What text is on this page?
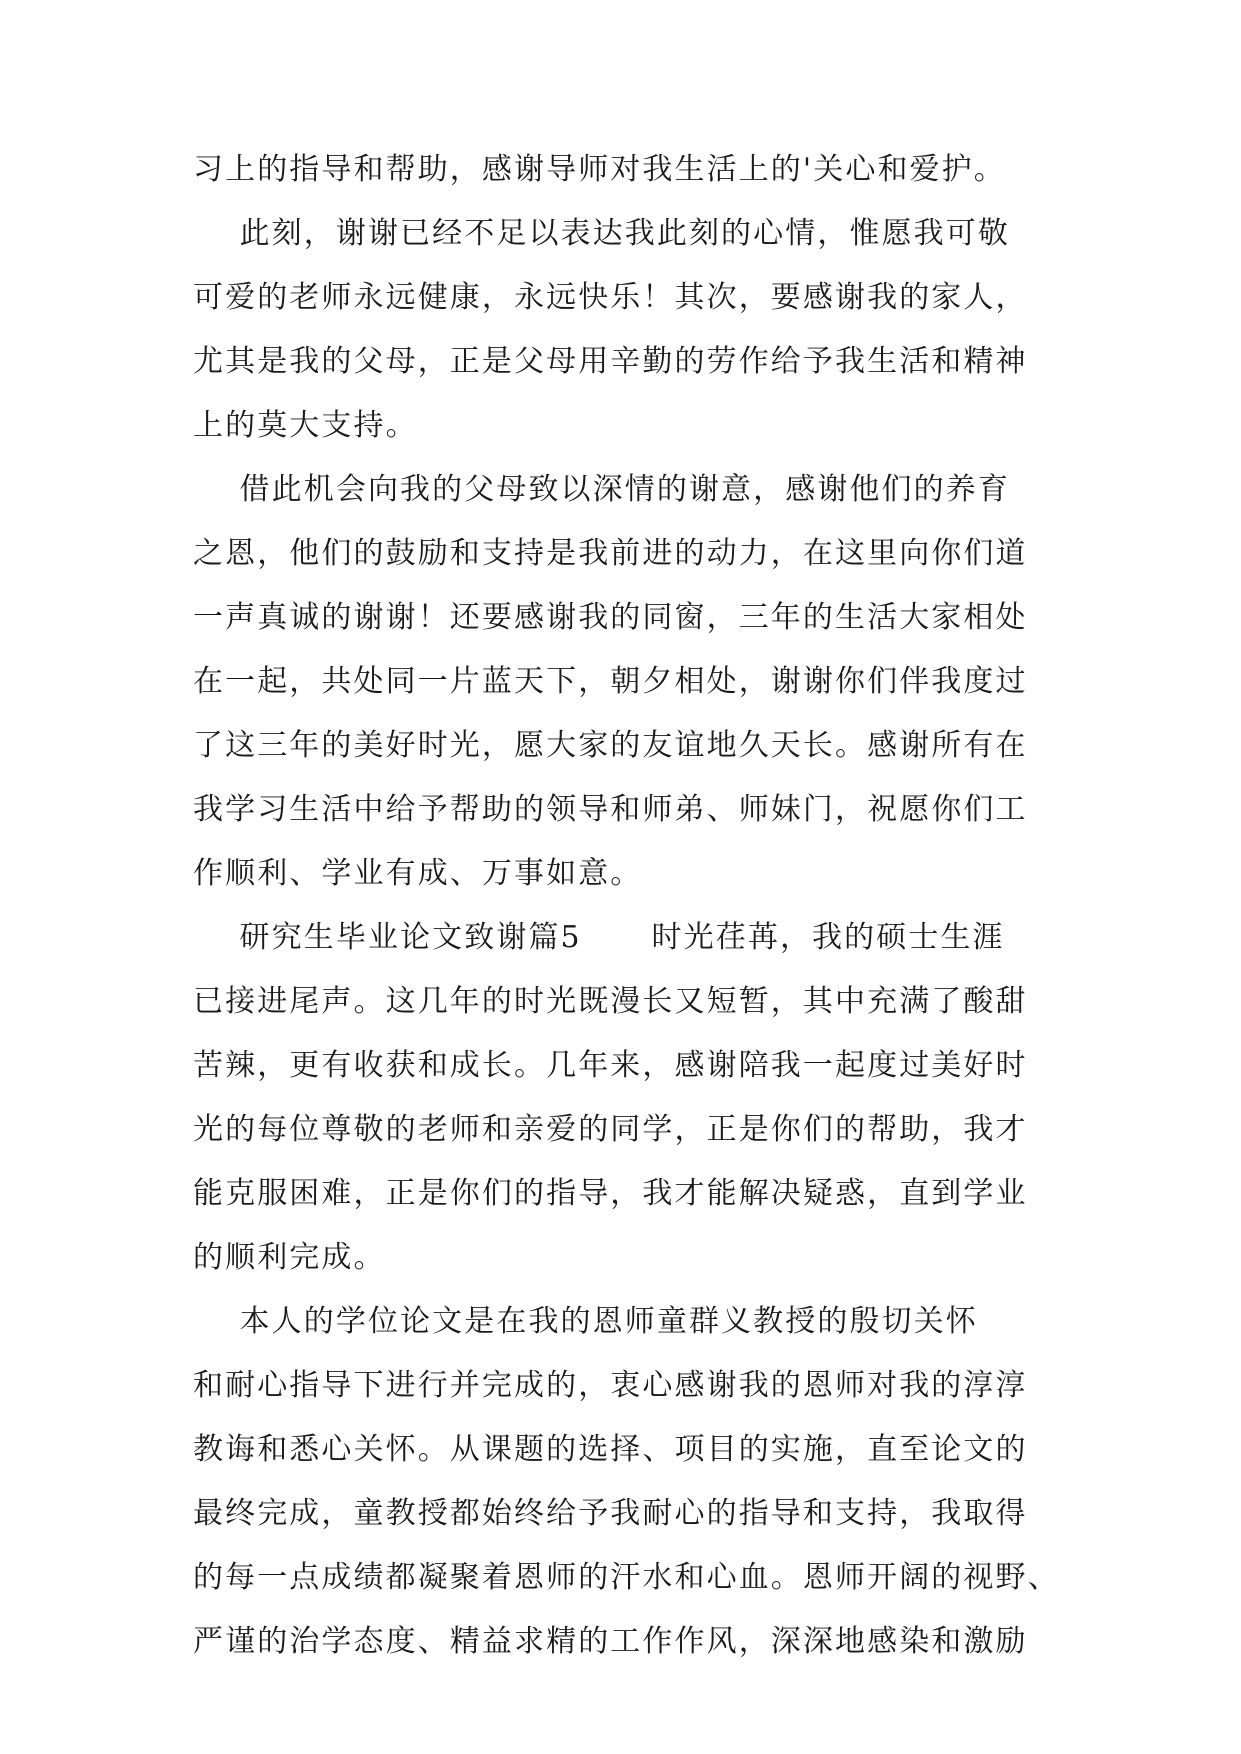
习上的指导和帮助，感谢导师对我生活上的'关心和爱护。
此刻，谢谢已经不足以表达我此刻的心情，惟愿我可敬
可爱的老师永远健康，永远快乐！其次，要感谢我的家人，
尤其是我的父母，正是父母用辛勤的劳作给予我生活和精神
上的莫大支持。
借此机会向我的父母致以深情的谢意，感谢他们的养育
之恩，他们的鼓励和支持是我前进的动力，在这里向你们道
一声真诚的谢谢！还要感谢我的同窗，三年的生活大家相处
在一起，共处同一片蓝天下，朝夕相处，谢谢你们伴我度过
了这三年的美好时光，愿大家的友谊地久天长。感谢所有在
我学习生活中给予帮助的领导和师弟、师妹门，祝愿你们工
作顺利、学业有成、万事如意。
研究生毕业论文致谢篇5      时光荏苒，我的硕士生涯
已接进尾声。这几年的时光既漫长又短暂，其中充满了酸甜
苦辣，更有收获和成长。几年来，感谢陪我一起度过美好时
光的每位尊敬的老师和亲爱的同学，正是你们的帮助，我才
能克服困难，正是你们的指导，我才能解决疑惑，直到学业
的顺利完成。
本人的学位论文是在我的恩师童群义教授的殷切关怀
和耐心指导下进行并完成的，衷心感谢我的恩师对我的淳淳
教诲和悉心关怀。从课题的选择、项目的实施，直至论文的
最终完成，童教授都始终给予我耐心的指导和支持，我取得
的每一点成绩都凝聚着恩师的汗水和心血。恩师开阔的视野、
严谨的治学态度、精益求精的工作作风，深深地感染和激励
